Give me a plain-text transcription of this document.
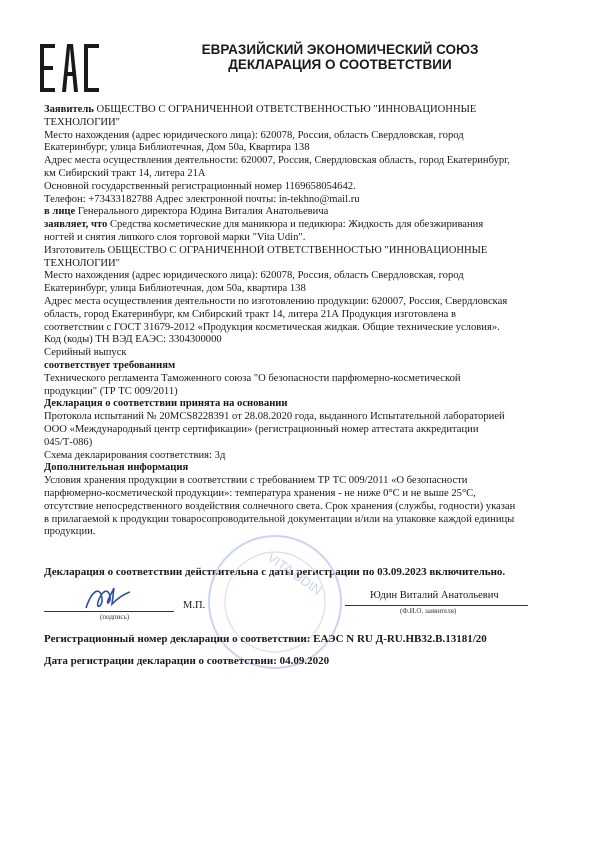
ЕВРАЗИЙСКИЙ ЭКОНОМИЧЕСКИЙ СОЮЗ
ДЕКЛАРАЦИЯ О СООТВЕТСТВИИ
Заявитель ОБЩЕСТВО С ОГРАНИЧЕННОЙ ОТВЕТСТВЕННОСТЬЮ "ИННОВАЦИОННЫЕ
ТЕХНОЛОГИИ"
Место нахождения (адрес юридического лица): 620078, Россия, область Свердловская, город
Екатеринбург, улица Библиотечная, Дом 50а, Квартира 138
Адрес места осуществления деятельности: 620007, Россия, Свердловская область, город Екатеринбург,
км Сибирский тракт 14, литера 21А
Основной государственный регистрационный номер 1169658054642.
Телефон: +73433182788 Адрес электронной почты: in-tekhno@mail.ru
в лице Генерального директора Юдина Виталия Анатольевича
заявляет, что Средства косметические для маникюра и педикюра: Жидкость для обезжиривания
ногтей и снятия липкого слоя торговой марки "Vita Udin".
Изготовитель ОБЩЕСТВО С ОГРАНИЧЕННОЙ ОТВЕТСТВЕННОСТЬЮ "ИННОВАЦИОННЫЕ
ТЕХНОЛОГИИ"
Место нахождения (адрес юридического лица): 620078, Россия, область Свердловская, город
Екатеринбург, улица Библиотечная, дом 50а, квартира 138
Адрес места осуществления деятельности по изготовлению продукции: 620007, Россия, Свердловская
область, город Екатеринбург, км Сибирский тракт 14, литера 21А Продукция изготовлена в
соответствии с ГОСТ 31679-2012 «Продукция косметическая жидкая. Общие технические условия».
Код (коды) ТН ВЭД ЕАЭС: 3304300000
Серийный выпуск
соответствует требованиям
Технического регламента Таможенного союза "О безопасности парфюмерно-косметической
продукции" (ТР ТС 009/2011)
Декларация о соответствии принята на основании
Протокола испытаний № 20MCS8228391 от 28.08.2020 года, выданного Испытательной лабораторией
ООО «Международный центр сертификации» (регистрационный номер аттестата аккредитации
045/Т-086)
Схема декларирования соответствия: 3д
Дополнительная информация
Условия хранения продукции в соответствии с требованием ТР ТС 009/2011 «О безопасности
парфюмерно-косметической продукции»: температура хранения - не ниже 0°С и не выше 25°С,
отсутствие непосредственного воздействия солнечного света. Срок хранения (службы, годности) указан
в прилагаемой к продукции товаросопроводительной документации и/или на упаковке каждой единицы
продукции.
Декларация о соответствии действительна с даты регистрации по 03.09.2023 включительно.
VITA UDIN
(подпись)
М.П.
Юдин Виталий Анатольевич
(Ф.И.О. заявителя)
Регистрационный номер декларации о соответствии: ЕАЭС N RU Д-RU.НВ32.В.13181/20
Дата регистрации декларации о соответствии: 04.09.2020
